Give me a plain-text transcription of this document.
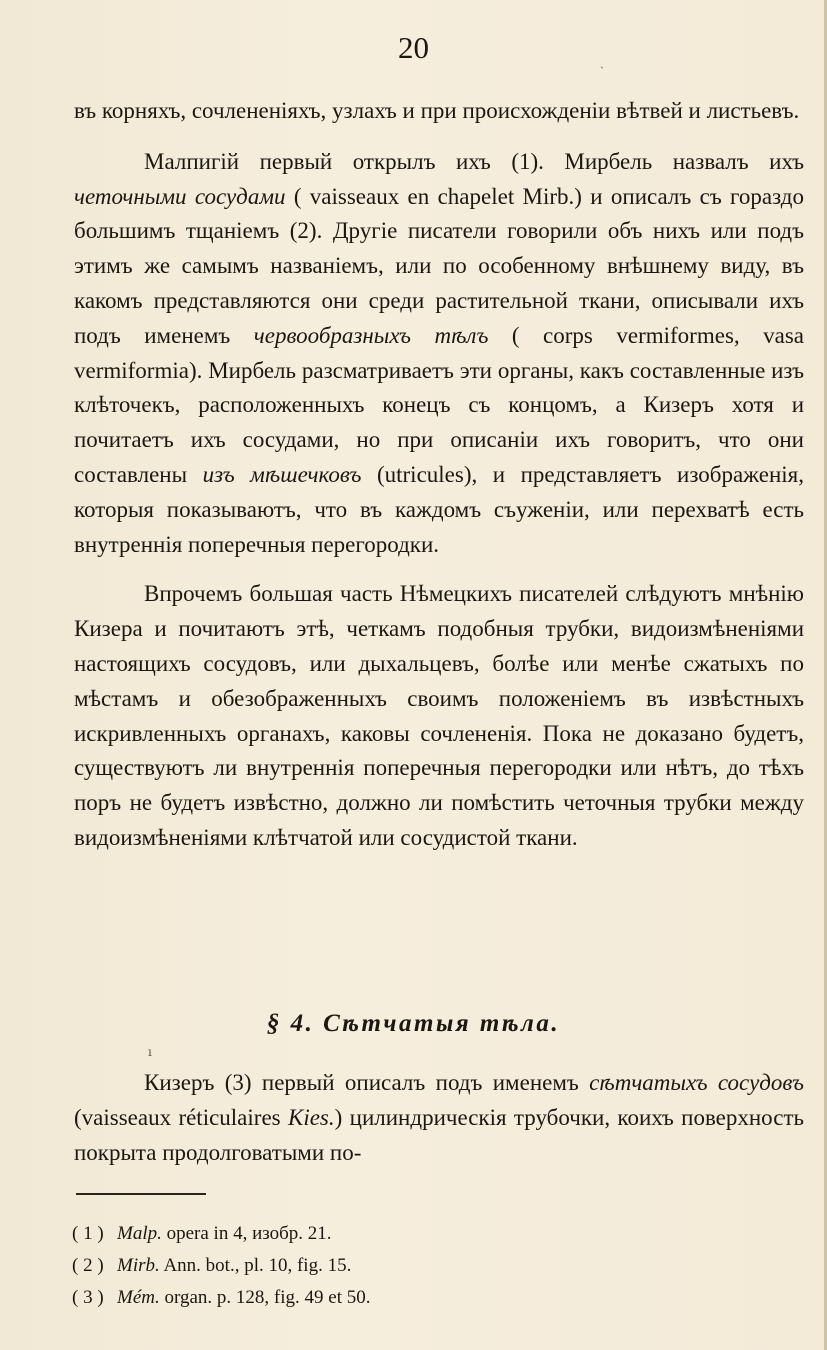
20	ˏ

въ корняхъ, сочлененіяхъ, узлахъ и при происхожденіи вѣтвей и листьевъ.

Малпигій первый открылъ ихъ (1). Мирбель назвалъ ихъ четочными сосудами ( vaisseaux en chapelet Mirb.) и описалъ съ гораздо большимъ тщаніемъ (2). Другіе писатели говорили объ нихъ или подъ этимъ же самымъ названіемъ, или по особенному внѣшнему виду, въ какомъ представляются они среди растительной ткани, описывали ихъ подъ именемъ червообразныхъ тѣлъ ( corps vermiformes, vasa vermiformia). Мирбель разсматриваетъ эти органы, какъ составленные изъ клѣточекъ, расположенныхъ конецъ съ концомъ, а Кизеръ хотя и почитаетъ ихъ сосудами, но при описаніи ихъ говоритъ, что они составлены изъ мѣшечковъ (utricules), и представляетъ изображенія, которыя показываютъ, что въ каждомъ съуженіи, или перехватѣ есть внутреннія поперечныя перегородки.

Впрочемъ большая часть Нѣмецкихъ писателей слѣдуютъ мнѣнію Кизера и почитаютъ этѣ, четкамъ подобныя трубки, видоизмѣненіями настоящихъ сосудовъ, или дыхальцевъ, болѣе или менѣе сжатыхъ по мѣстамъ и обезображенныхъ своимъ положеніемъ въ извѣстныхъ искривленныхъ органахъ, каковы сочлененія. Пока не доказано будетъ, существуютъ ли внутреннія поперечныя перегородки или нѣтъ, до тѣхъ поръ не будетъ извѣстно, должно ли помѣстить четочныя трубки между видоизмѣненіями клѣтчатой или сосудистой ткани.

§ 4. Сѣтчатыя тѣла.
ı

Кизеръ (3) первый описалъ подъ именемъ сѣтчатыхъ сосудовъ (vaisseaux réticulaires Kies.) цилиндрическія трубочки, коихъ поверхность покрыта продолговатыми по-

( 1 ) Malp. opera in 4, изобр. 21.
( 2 ) Mirb. Ann. bot., pl. 10, fig. 15.
( 3 ) Mém. organ. p. 128, fig. 49 et 50.
